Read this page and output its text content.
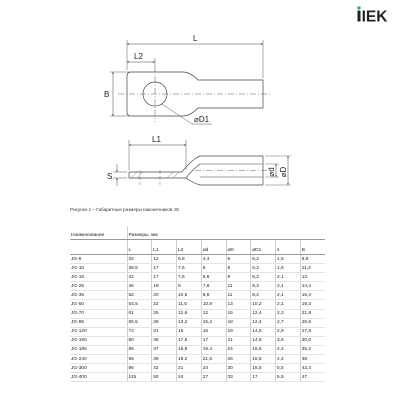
IEK
L
L2
B
⌀D1
L1
S	⌀d ⌀D
Рисунок 1 – Габаритные размеры наконечников JG
Наименование	Размеры, мм							
	L	L1	L2	⌀d	⌀D	⌀D1	s	B
JG-6	32	12	6,8	4,4	6	6,2	1,5	8,8
JG-10	38,5	17	7,6	6	8	6,2	1,9	11,3
JG-16	42	17	7,6	6,8	9	8,2	2,1	13
JG-25	46	19	8	7,8	11	8,2	2,1	14,4
JG-35	52	20	10,5	8,8	11	8,2	2,1	16,4
JG-50	54,5	22	11,5	10,8	13	10,2	2,1	19,3
JG-70	61	25	12,6	12	15	12,4	2,3	21,8
JG-95	65,5	29	13,2	15,2	18	12,4	2,7	26,5
JG-120	72	31	16	16	19	14,5	2,9	27,8
JG-150	80	35	17,5	17	21	14,5	3,8	30,6
JG-185	85	37	16,8	19,4	24	16,5	4,4	35,2
JG-240	95	39	19,2	21,6	26	16,5	4,4	38
JG-300	95	42	21	24	30	16,5	5,5	43,4
JG-400	115	50	24	27	33	17	5,9	47
